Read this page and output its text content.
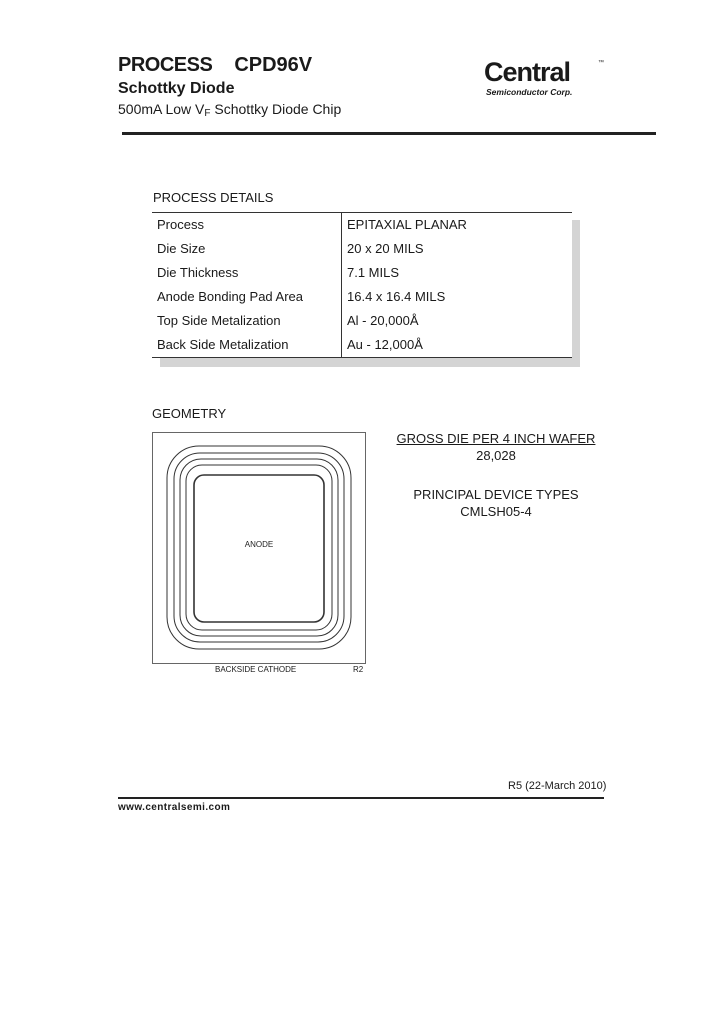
PROCESS CPD96V
Schottky Diode
500mA Low $V_F$ Schottky Diode Chip
Central	™
Semiconductor Corp.
PROCESS DETAILS
Process	EPITAXIAL PLANAR
Die Size	20 x 20 MILS
Die Thickness	7.1 MILS
Anode Bonding Pad Area	16.4 x 16.4 MILS
Top Side Metalization	Al - 20,000Å
Back Side Metalization	Au - 12,000Å
GEOMETRY
ANODE
BACKSIDE CATHODE	R2
GROSS DIE PER 4 INCH WAFER
28,028
PRINCIPAL DEVICE TYPES
CMLSH05-4
R5 (22-March 2010)
www.centralsemi.com
